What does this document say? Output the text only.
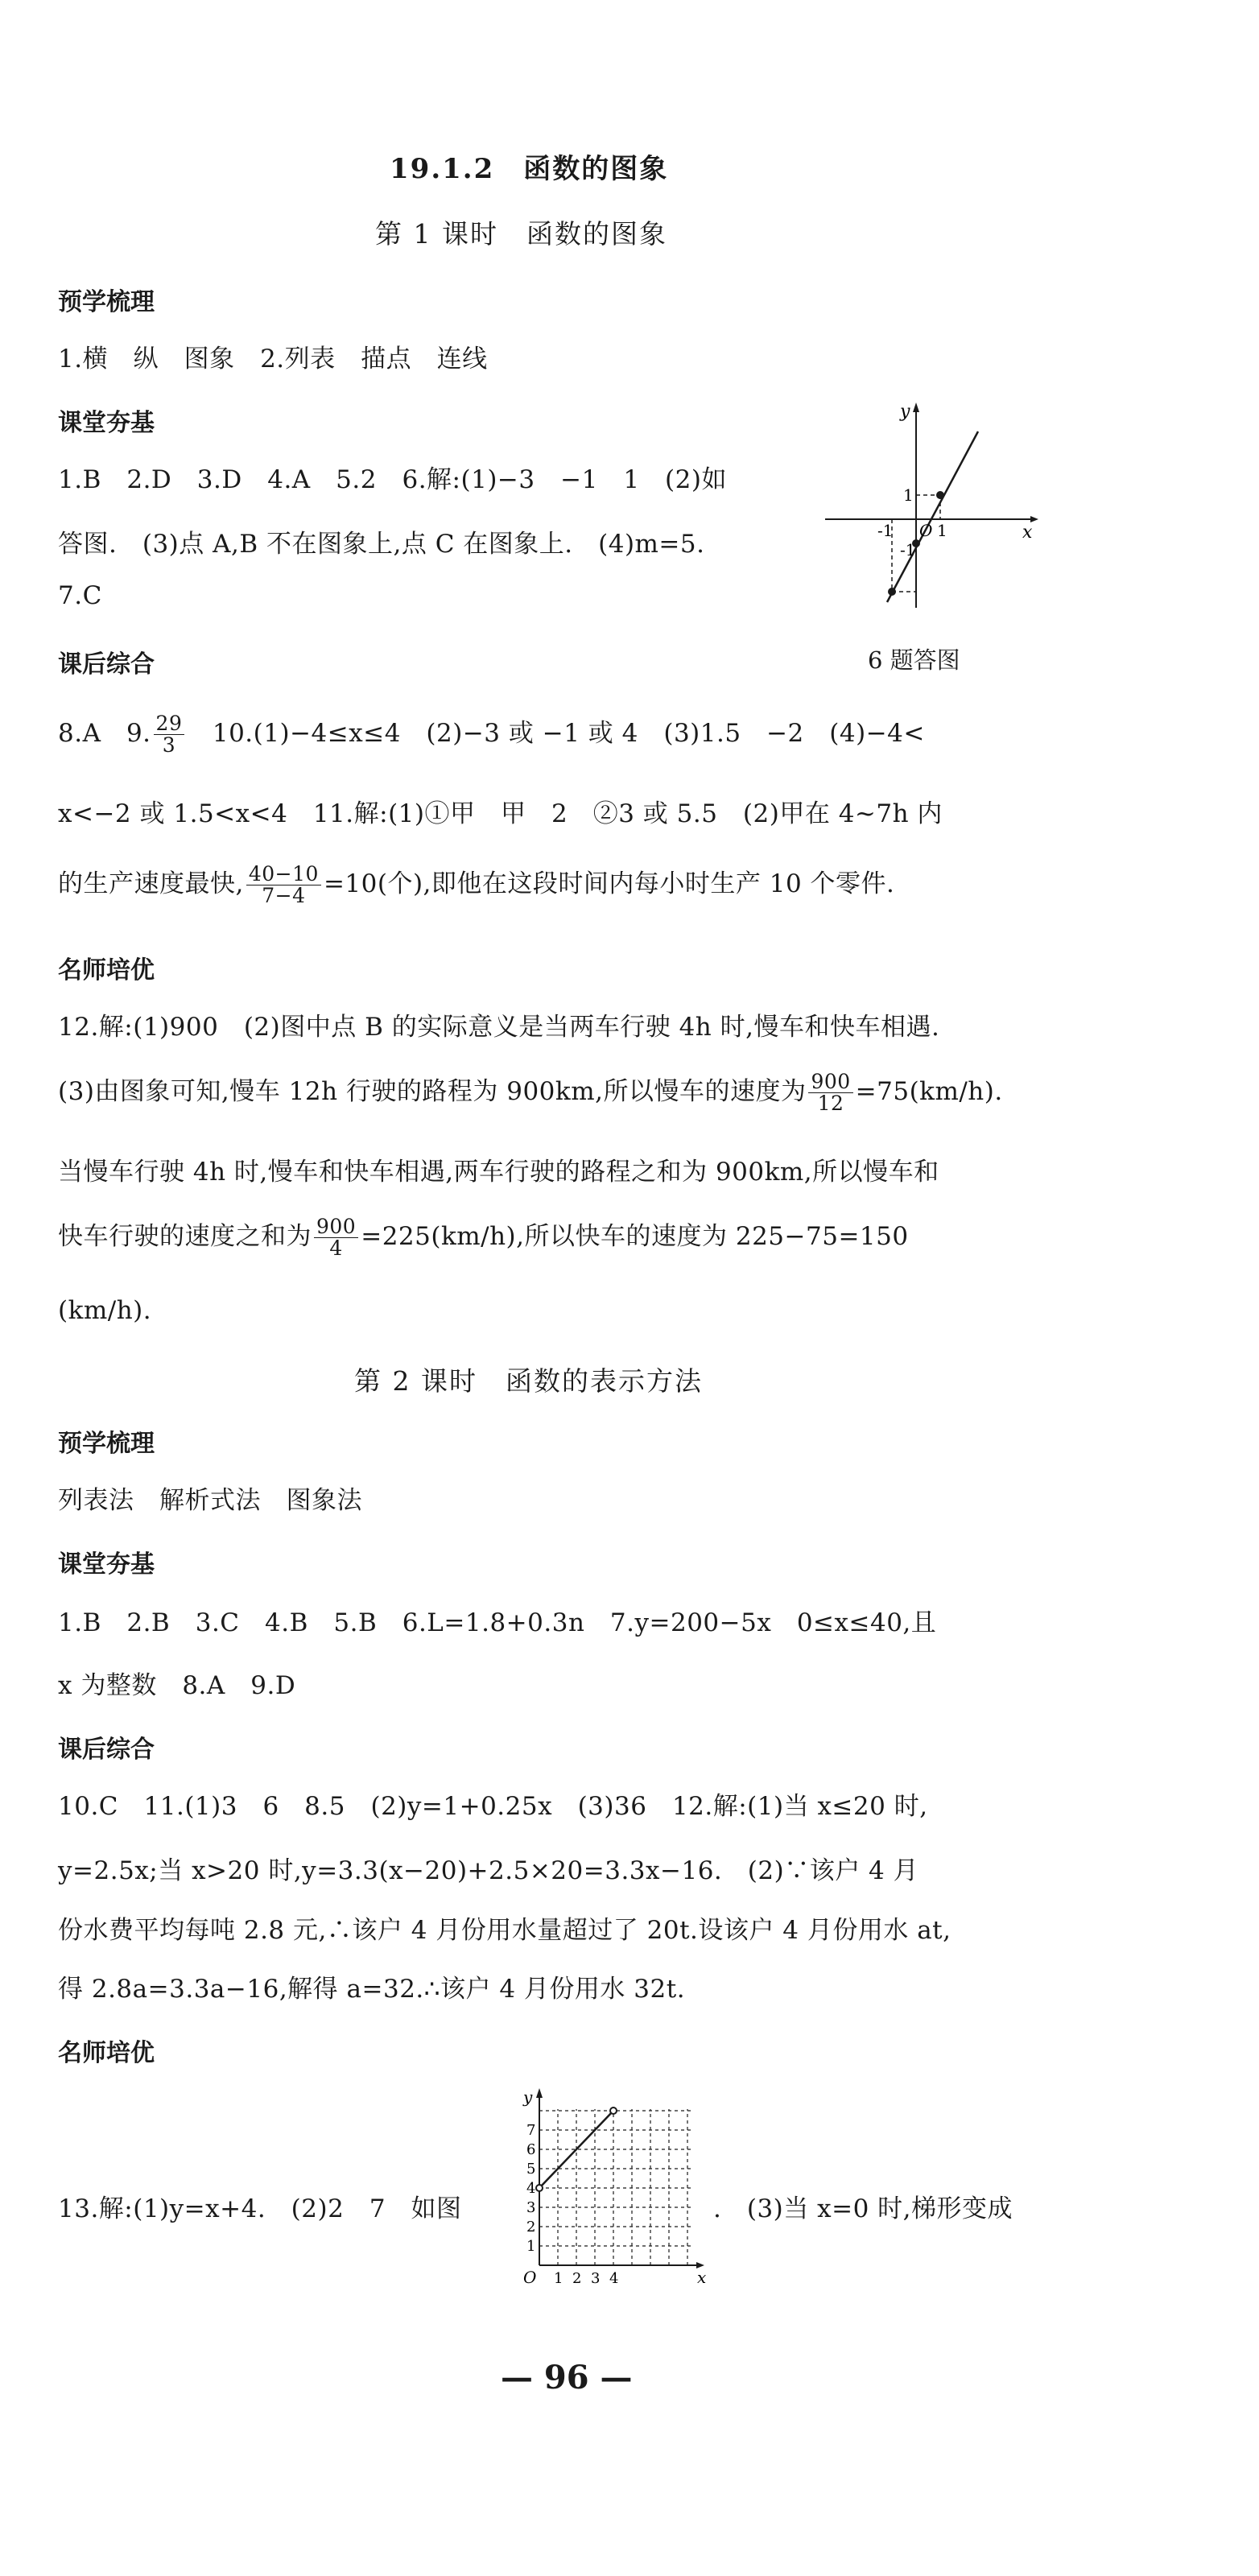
19.1.2　函数的图象
第 1 课时　函数的图象
预学梳理
1.横　纵　图象　2.列表　描点　连线
课堂夯基
1.B　2.D　3.D　4.A　5.2　6.解:(1)−3　−1　1　(2)如
答图.　(3)点 A,B 不在图象上,点 C 在图象上.　(4)m=5.
7.C
x
y
-1 O 1
1
-1
6 题答图
课后综合
8.A　9. $\frac{29}{3}$ 　10.(1)−4≤x≤4　(2)−3 或 −1 或 4　(3)1.5　−2　(4)−4<
x<−2 或 1.5<x<4　11.解:(1)①甲　甲　2　②3 或 5.5　(2)甲在 4~7h 内
的生产速度最快, $\frac{40-10}{7-4} =10$(个),即他在这段时间内每小时生产 10 个零件.
名师培优
12.解:(1)900　(2)图中点 B 的实际意义是当两车行驶 4h 时,慢车和快车相遇.
(3)由图象可知,慢车 12h 行驶的路程为 900km,所以慢车的速度为 $\frac{900}{12} =75(km/h)$.
当慢车行驶 4h 时,慢车和快车相遇,两车行驶的路程之和为 900km,所以慢车和
快车行驶的速度之和为 $\frac{900}{4} =225(km/h)$,所以快车的速度为 225−75=150
(km/h).
第 2 课时　函数的表示方法
预学梳理
列表法　解析式法　图象法
课堂夯基
1.B　2.B　3.C　4.B　5.B　6.L=1.8+0.3n　7.y=200−5x　0≤x≤40,且
x 为整数　8.A　9.D
课后综合
10.C　11.(1)3　6　8.5　(2)y=1+0.25x　(3)36　12.解:(1)当 x≤20 时,
y=2.5x;当 x>20 时,y=3.3(x−20)+2.5×20=3.3x−16.　(2)∵该户 4 月
份水费平均每吨 2.8 元,∴该户 4 月份用水量超过了 20t.设该户 4 月份用水 at,
得 2.8a=3.3a−16,解得 a=32.∴该户 4 月份用水 32t.
名师培优
13.解:(1)y=x+4.　(2)2　7　如图
y
x
O 1 2 3 4
1
2
3
4
5
6
7
.　(3)当 x=0 时,梯形变成
— 96 —
